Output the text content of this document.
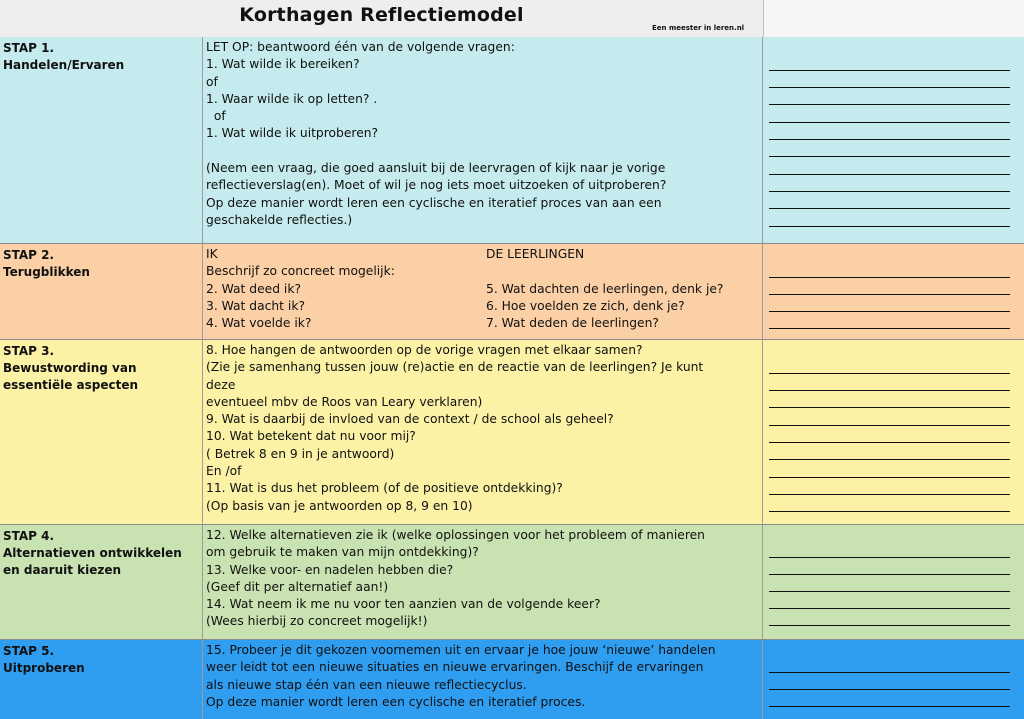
Korthagen Reflectiemodel
Een meester in leren.nl
STAP 1.
Handelen/Ervaren
LET OP: beantwoord één van de volgende vragen:
1. Wat wilde ik bereiken?
of
1. Waar wilde ik op letten? .
of
1. Wat wilde ik uitproberen?

(Neem een vraag, die goed aansluit bij de leervragen of kijk naar je vorige
reflectieverslag(en). Moet of wil je nog iets moet uitzoeken of uitproberen?
Op deze manier wordt leren een cyclische en iteratief proces van aan een
geschakelde reflecties.)
STAP 2.
Terugblikken
IK
Beschrijf zo concreet mogelijk:
2. Wat deed ik?
3. Wat dacht ik?
4. Wat voelde ik?
DE LEERLINGEN

5. Wat dachten de leerlingen, denk je?
6. Hoe voelden ze zich, denk je?
7. Wat deden de leerlingen?
STAP 3.
Bewustwording van
essentiële aspecten
8. Hoe hangen de antwoorden op de vorige vragen met elkaar samen?
(Zie je samenhang tussen jouw (re)actie en de reactie van de leerlingen? Je kunt
deze
eventueel mbv de Roos van Leary verklaren)
9. Wat is daarbij de invloed van de context / de school als geheel?
10. Wat betekent dat nu voor mij?
( Betrek 8 en 9 in je antwoord)
En /of
11. Wat is dus het probleem (of de positieve ontdekking)?
(Op basis van je antwoorden op 8, 9 en 10)
STAP 4.
Alternatieven ontwikkelen
en daaruit kiezen
12. Welke alternatieven zie ik (welke oplossingen voor het probleem of manieren
om gebruik te maken van mijn ontdekking)?
13. Welke voor- en nadelen hebben die?
(Geef dit per alternatief aan!)
14. Wat neem ik me nu voor ten aanzien van de volgende keer?
(Wees hierbij zo concreet mogelijk!)
STAP 5.
Uitproberen
15. Probeer je dit gekozen voornemen uit en ervaar je hoe jouw ‘nieuwe’ handelen
weer leidt tot een nieuwe situaties en nieuwe ervaringen. Beschijf de ervaringen
als nieuwe stap één van een nieuwe reflectiecyclus.
Op deze manier wordt leren een cyclische en iteratief proces.
